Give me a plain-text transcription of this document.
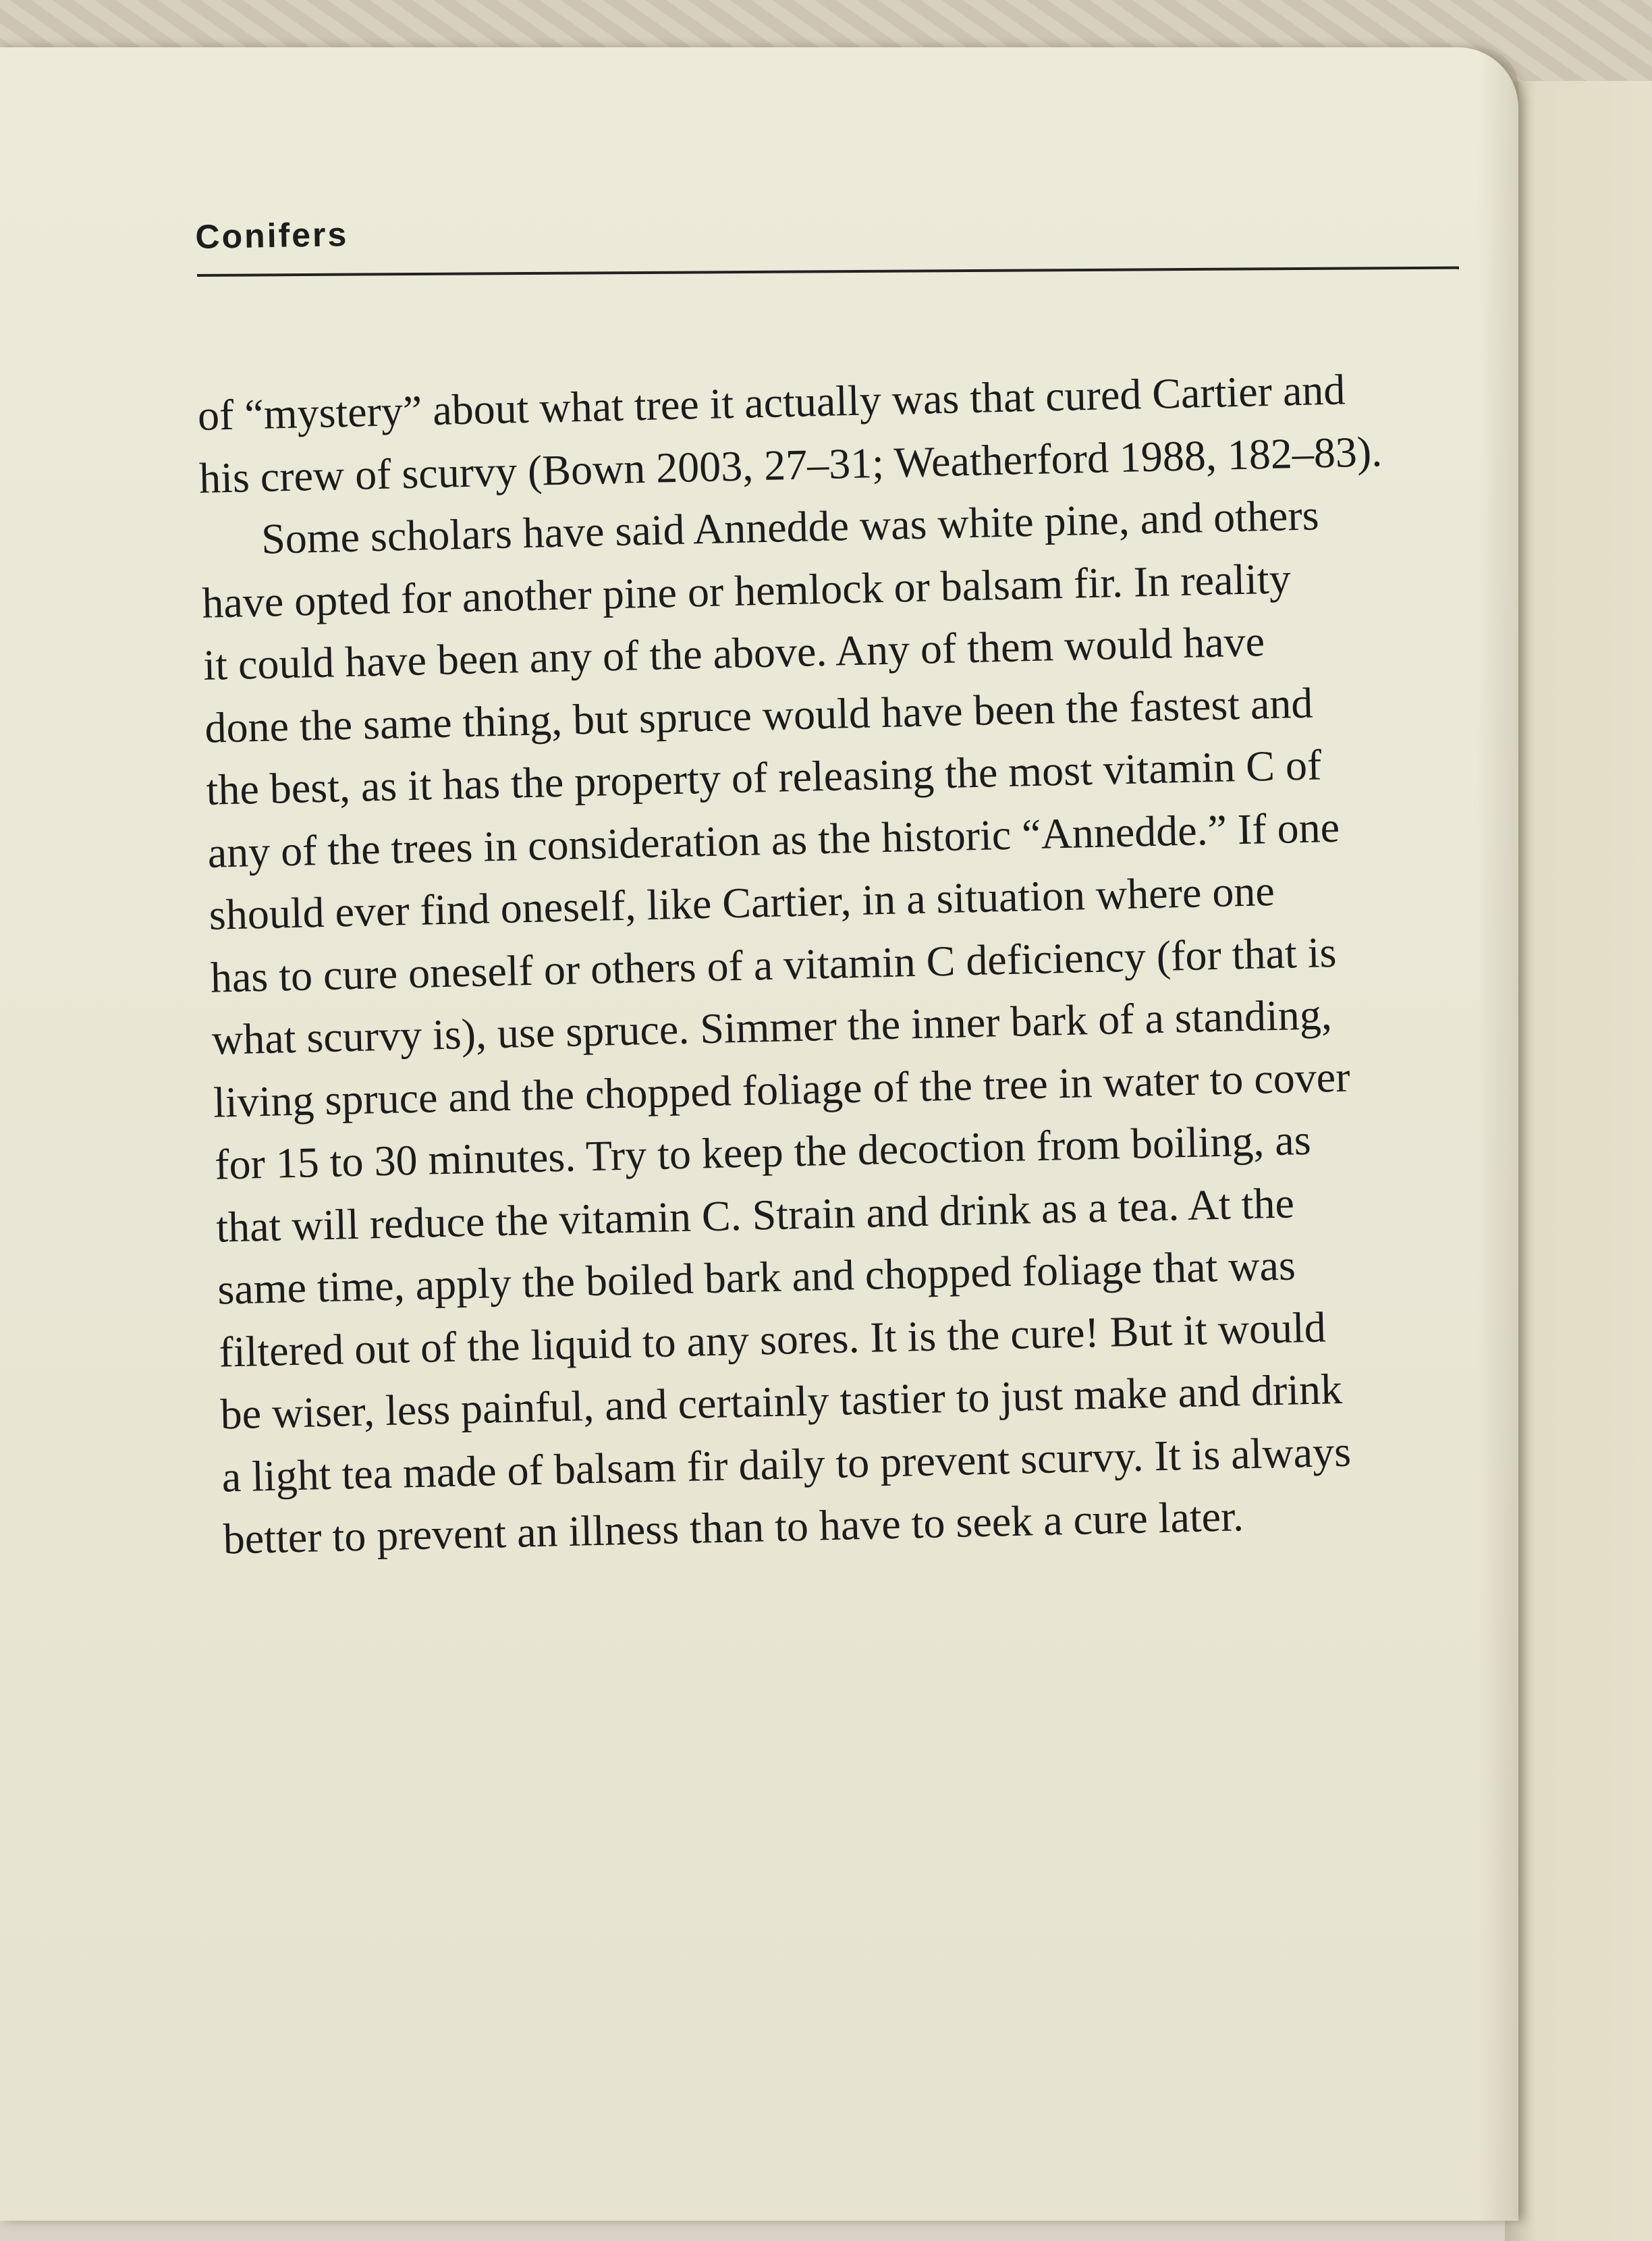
Conifers
of “mystery” about what tree it actually was that cured Cartier and
his crew of scurvy (Bown 2003, 27–31; Weatherford 1988, 182–83).
Some scholars have said Annedde was white pine, and others
have opted for another pine or hemlock or balsam fir. In reality
it could have been any of the above. Any of them would have
done the same thing, but spruce would have been the fastest and
the best, as it has the property of releasing the most vitamin C of
any of the trees in consideration as the historic “Annedde.” If one
should ever find oneself, like Cartier, in a situation where one
has to cure oneself or others of a vitamin C deficiency (for that is
what scurvy is), use spruce. Simmer the inner bark of a standing,
living spruce and the chopped foliage of the tree in water to cover
for 15 to 30 minutes. Try to keep the decoction from boiling, as
that will reduce the vitamin C. Strain and drink as a tea. At the
same time, apply the boiled bark and chopped foliage that was
filtered out of the liquid to any sores. It is the cure! But it would
be wiser, less painful, and certainly tastier to just make and drink
a light tea made of balsam fir daily to prevent scurvy. It is always
better to prevent an illness than to have to seek a cure later.
